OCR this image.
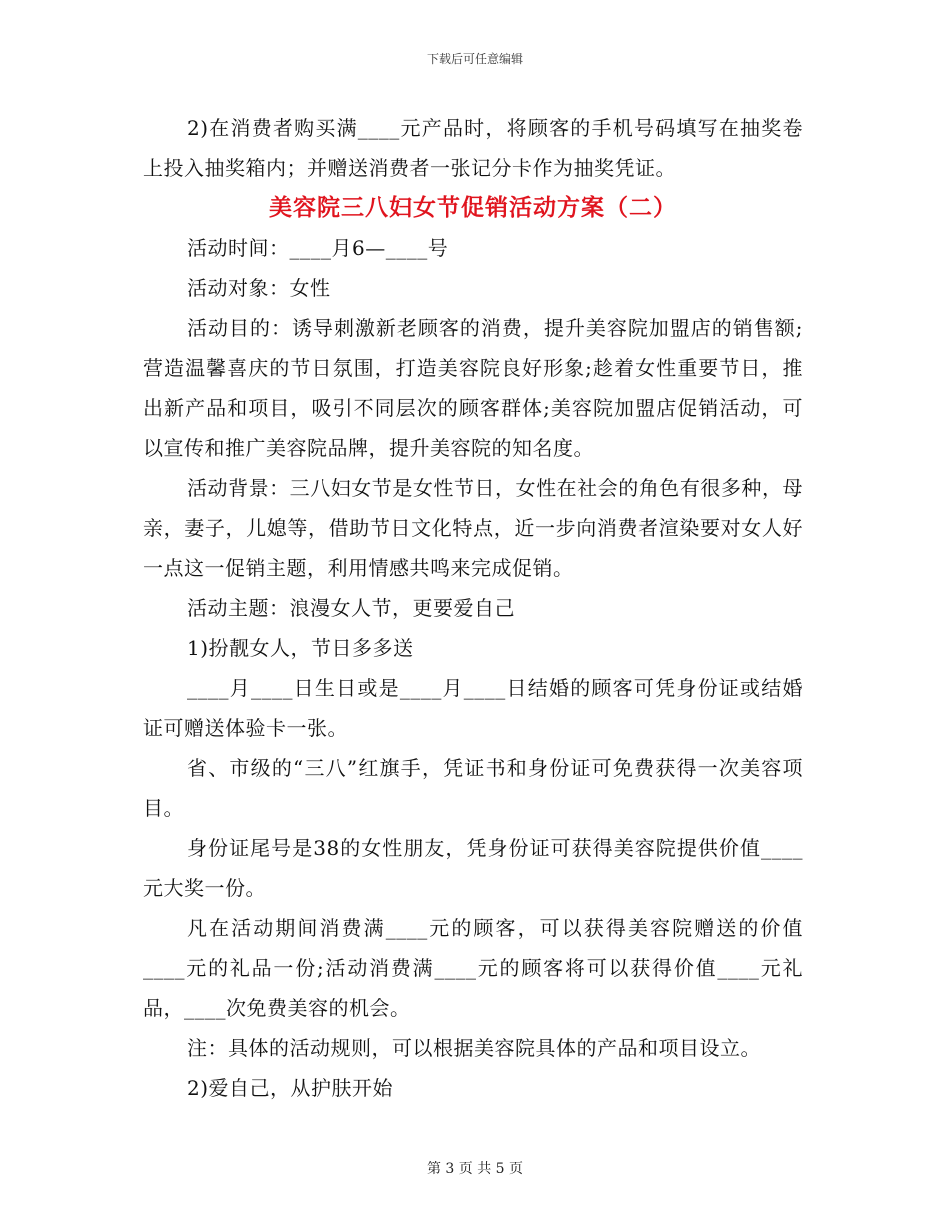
下载后可任意编辑

2)在消费者购买满____元产品时，将顾客的手机号码填写在抽奖卷上投入抽奖箱内；并赠送消费者一张记分卡作为抽奖凭证。

美容院三八妇女节促销活动方案（二）

活动时间：____月6—____号

活动对象：女性

活动目的：诱导刺激新老顾客的消费，提升美容院加盟店的销售额;营造温馨喜庆的节日氛围，打造美容院良好形象;趁着女性重要节日，推出新产品和项目，吸引不同层次的顾客群体;美容院加盟店促销活动，可以宣传和推广美容院品牌，提升美容院的知名度。

活动背景：三八妇女节是女性节日，女性在社会的角色有很多种，母亲，妻子，儿媳等，借助节日文化特点，近一步向消费者渲染要对女人好一点这一促销主题，利用情感共鸣来完成促销。

活动主题：浪漫女人节，更要爱自己

1)扮靓女人，节日多多送

____月____日生日或是____月____日结婚的顾客可凭身份证或结婚证可赠送体验卡一张。

省、市级的“三八”红旗手，凭证书和身份证可免费获得一次美容项目。

身份证尾号是38的女性朋友，凭身份证可获得美容院提供价值____元大奖一份。

凡在活动期间消费满____元的顾客，可以获得美容院赠送的价值____元的礼品一份;活动消费满____元的顾客将可以获得价值____元礼品，____次免费美容的机会。

注：具体的活动规则，可以根据美容院具体的产品和项目设立。

2)爱自己，从护肤开始

第 3 页 共 5 页
